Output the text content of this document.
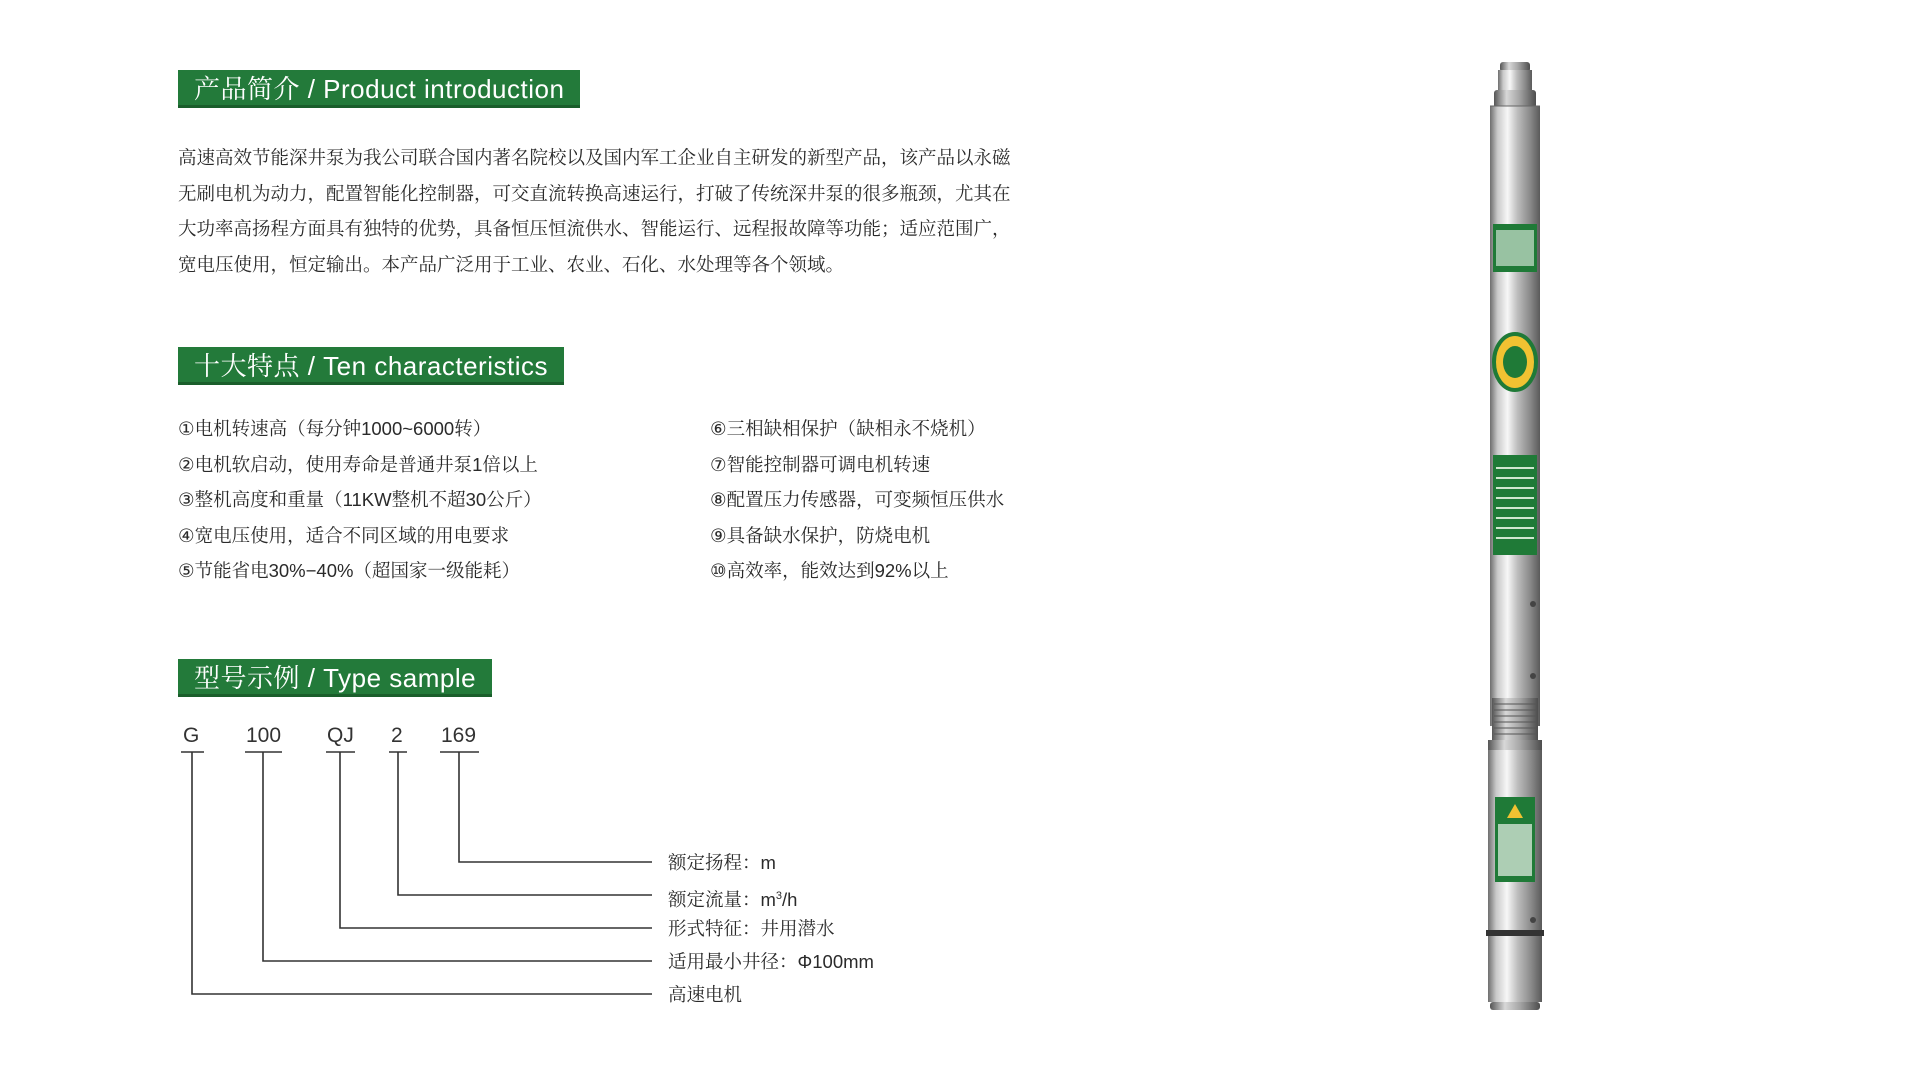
产品简介 / Product introduction
十大特点 / Ten characteristics
型号示例 / Type sample

高速高效节能深井泵为我公司联合国内著名院校以及国内军工企业自主研发的新型产品，该产品以永磁

无刷电机为动力，配置智能化控制器，可交直流转换高速运行，打破了传统深井泵的很多瓶颈，尤其在

大功率高扬程方面具有独特的优势，具备恒压恒流供水、智能运行、远程报故障等功能；适应范围广，

宽电压使用，恒定输出。本产品广泛用于工业、农业、石化、水处理等各个领域。

①电机转速高（每分钟1000~6000转）
②电机软启动，使用寿命是普通井泵1倍以上
③整机高度和重量（11KW整机不超30公斤）
④宽电压使用，适合不同区域的用电要求
⑤节能省电30%−40%（超国家一级能耗）
⑥三相缺相保护（缺相永不烧机）
⑦智能控制器可调电机转速
⑧配置压力传感器，可变频恒压供水
⑨具备缺水保护，防烧电机
⑩高效率，能效达到92%以上
G 100 QJ 2 169
额定扬程：m
额定流量：$m^3/h$
形式特征：井用潜水
适用最小井径：Φ100mm
高速电机
